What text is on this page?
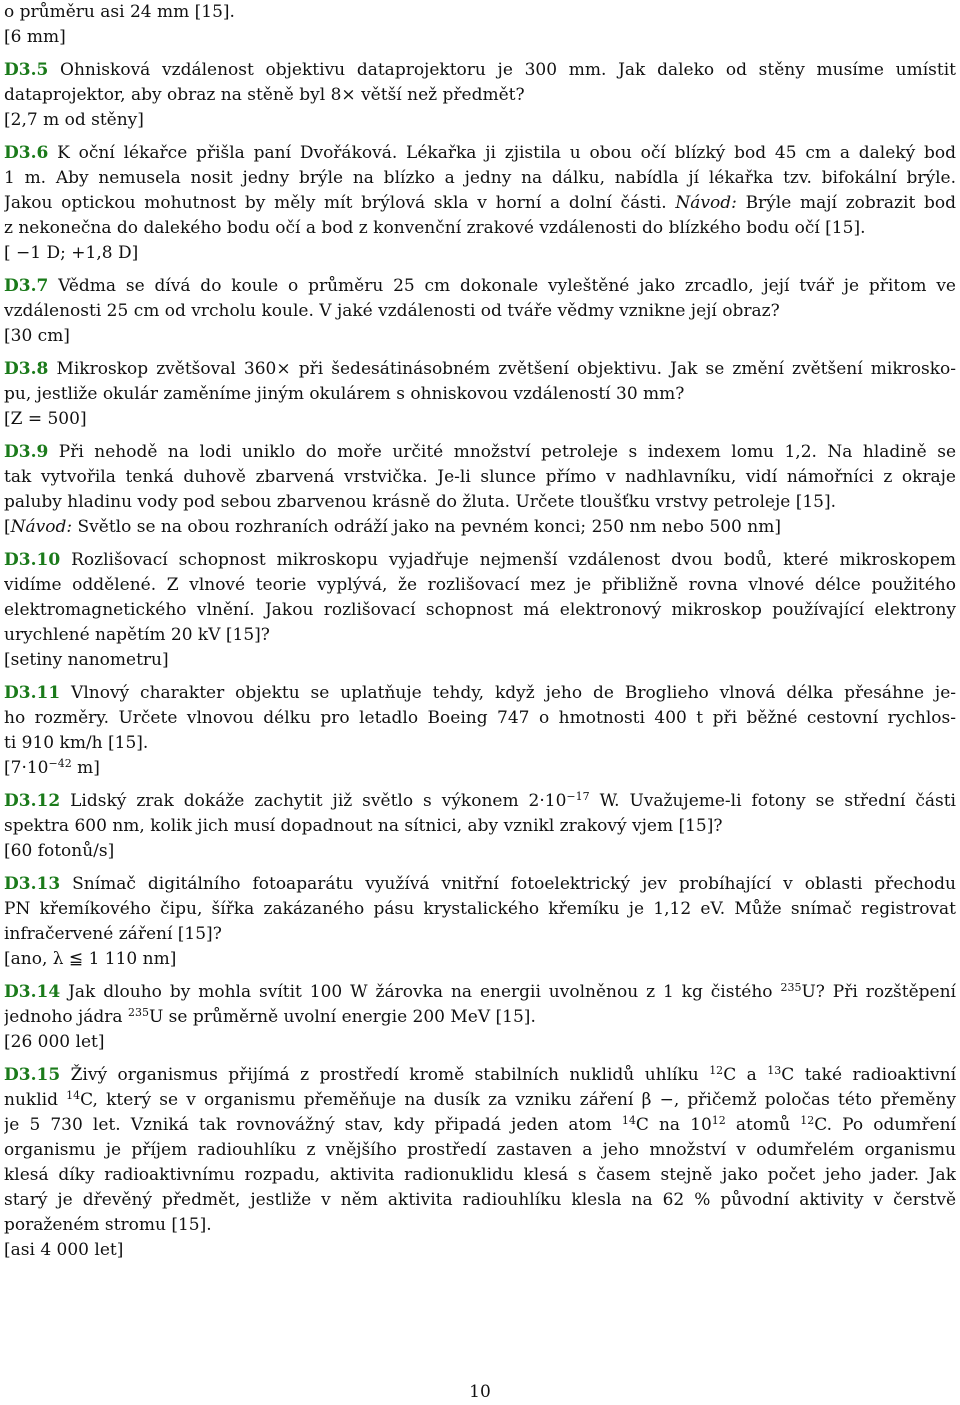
o průměru asi 24 mm [15].
[6 mm]
D3.5 Ohnisková vzdálenost objektivu dataprojektoru je 300 mm. Jak daleko od stěny musíme umístit
dataprojektor, aby obraz na stěně byl 8× větší než předmět?
[2,7 m od stěny]
D3.6 K oční lékařce přišla paní Dvořáková. Lékařka ji zjistila u obou očí blízký bod 45 cm a daleký bod
1 m. Aby nemusela nosit jedny brýle na blízko a jedny na dálku, nabídla jí lékařka tzv. bifokální brýle.
Jakou optickou mohutnost by měly mít brýlová skla v horní a dolní části. Návod: Brýle mají zobrazit bod
z nekonečna do dalekého bodu očí a bod z konvenční zrakové vzdálenosti do blízkého bodu očí [15].
[ −1 D; +1,8 D]
D3.7 Vědma se dívá do koule o průměru 25 cm dokonale vyleštěné jako zrcadlo, její tvář je přitom ve
vzdálenosti 25 cm od vrcholu koule. V jaké vzdálenosti od tváře vědmy vznikne její obraz?
[30 cm]
D3.8 Mikroskop zvětšoval 360× při šedesátinásobném zvětšení objektivu. Jak se změní zvětšení mikrosko-
pu, jestliže okulár zaměníme jiným okulárem s ohniskovou vzdáleností 30 mm?
[Z = 500]
D3.9 Při nehodě na lodi uniklo do moře určité množství petroleje s indexem lomu 1,2. Na hladině se
tak vytvořila tenká duhově zbarvená vrstvička. Je-li slunce přímo v nadhlavníku, vidí námořníci z okraje
paluby hladinu vody pod sebou zbarvenou krásně do žluta. Určete tloušťku vrstvy petroleje [15].
[Návod: Světlo se na obou rozhraních odráží jako na pevném konci; 250 nm nebo 500 nm]
D3.10 Rozlišovací schopnost mikroskopu vyjadřuje nejmenší vzdálenost dvou bodů, které mikroskopem
vidíme oddělené. Z vlnové teorie vyplývá, že rozlišovací mez je přibližně rovna vlnové délce použitého
elektromagnetického vlnění. Jakou rozlišovací schopnost má elektronový mikroskop používající elektrony
urychlené napětím 20 kV [15]?
[setiny nanometru]
D3.11 Vlnový charakter objektu se uplatňuje tehdy, když jeho de Broglieho vlnová délka přesáhne je-
ho rozměry. Určete vlnovou délku pro letadlo Boeing 747 o hmotnosti 400 t při běžné cestovní rychlos-
ti 910 km/h [15].
[$7\cdot 10^{-42}$ m]
D3.12 Lidský zrak dokáže zachytit již světlo s výkonem $2\cdot 10^{-17}$ W. Uvažujeme-li fotony se střední části
spektra 600 nm, kolik jich musí dopadnout na sítnici, aby vznikl zrakový vjem [15]?
[60 fotonů/s]
D3.13 Snímač digitálního fotoaparátu využívá vnitřní fotoelektrický jev probíhající v oblasti přechodu
PN křemíkového čipu, šířka zakázaného pásu krystalického křemíku je 1,12 eV. Může snímač registrovat
infračervené záření [15]?
[ano, λ ≦ 1 110 nm]
D3.14 Jak dlouho by mohla svítit 100 W žárovka na energii uvolněnou z 1 kg čistého $^{235}$U? Při rozštěpení
jednoho jádra $^{235}$U se průměrně uvolní energie 200 MeV [15].
[26 000 let]
D3.15 Živý organismus přijímá z prostředí kromě stabilních nuklidů uhlíku $^{12}$C a $^{13}$C také radioaktivní
nuklid $^{14}$C, který se v organismu přeměňuje na dusík za vzniku záření β −, přičemž poločas této přeměny
je 5 730 let. Vzniká tak rovnovážný stav, kdy připadá jeden atom $^{14}$C na $10^{12}$ atomů $^{12}$C. Po odumření
organismu je příjem radiouhlíku z vnějšího prostředí zastaven a jeho množství v odumřelém organismu
klesá díky radioaktivnímu rozpadu, aktivita radionuklidu klesá s časem stejně jako počet jeho jader. Jak
starý je dřevěný předmět, jestliže v něm aktivita radiouhlíku klesla na 62 % původní aktivity v čerstvě
poraženém stromu [15].
[asi 4 000 let]
10
